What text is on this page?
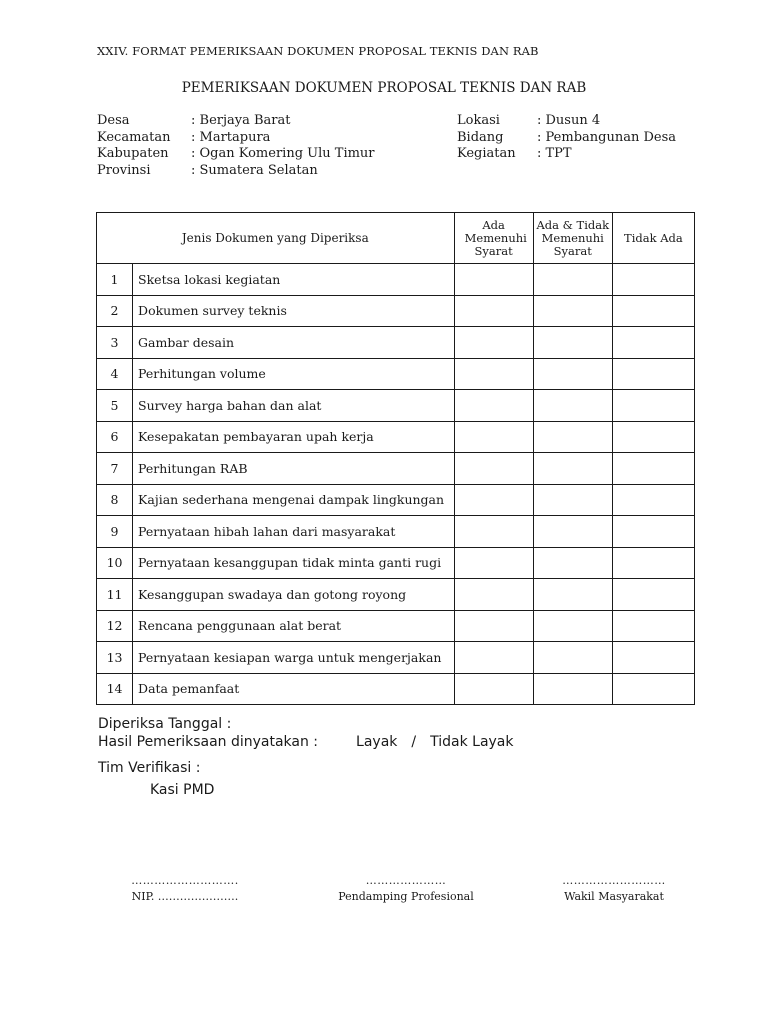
XXIV. FORMAT PEMERIKSAAN DOKUMEN PROPOSAL TEKNIS DAN RAB
PEMERIKSAAN DOKUMEN PROPOSAL TEKNIS DAN RAB
Desa	: Berjaya Barat
Kecamatan	: Martapura
Kabupaten	: Ogan Komering Ulu Timur
Provinsi	: Sumatera Selatan
Lokasi	: Dusun 4
Bidang	: Pembangunan Desa
Kegiatan	: TPT
Jenis Dokumen yang Diperiksa		Ada Memenuhi Syarat	Ada & Tidak Memenuhi Syarat	Tidak Ada
1	Sketsa lokasi kegiatan			
2	Dokumen survey teknis			
3	Gambar desain			
4	Perhitungan volume			
5	Survey harga bahan dan alat			
6	Kesepakatan pembayaran upah kerja			
7	Perhitungan RAB			
8	Kajian sederhana mengenai dampak lingkungan			
9	Pernyataan hibah lahan dari masyarakat			
10	Pernyataan kesanggupan tidak minta ganti rugi			
11	Kesanggupan swadaya dan gotong royong			
12	Rencana penggunaan alat berat			
13	Pernyataan kesiapan warga untuk mengerjakan			
14	Data pemanfaat			
Diperiksa Tanggal :
Hasil Pemeriksaan dinyatakan :	Layak / Tidak Layak
Tim Verifikasi :
Kasi PMD
……………………….
NIP. ………………….
…………………
Pendamping Profesional
………………………
Wakil Masyarakat
